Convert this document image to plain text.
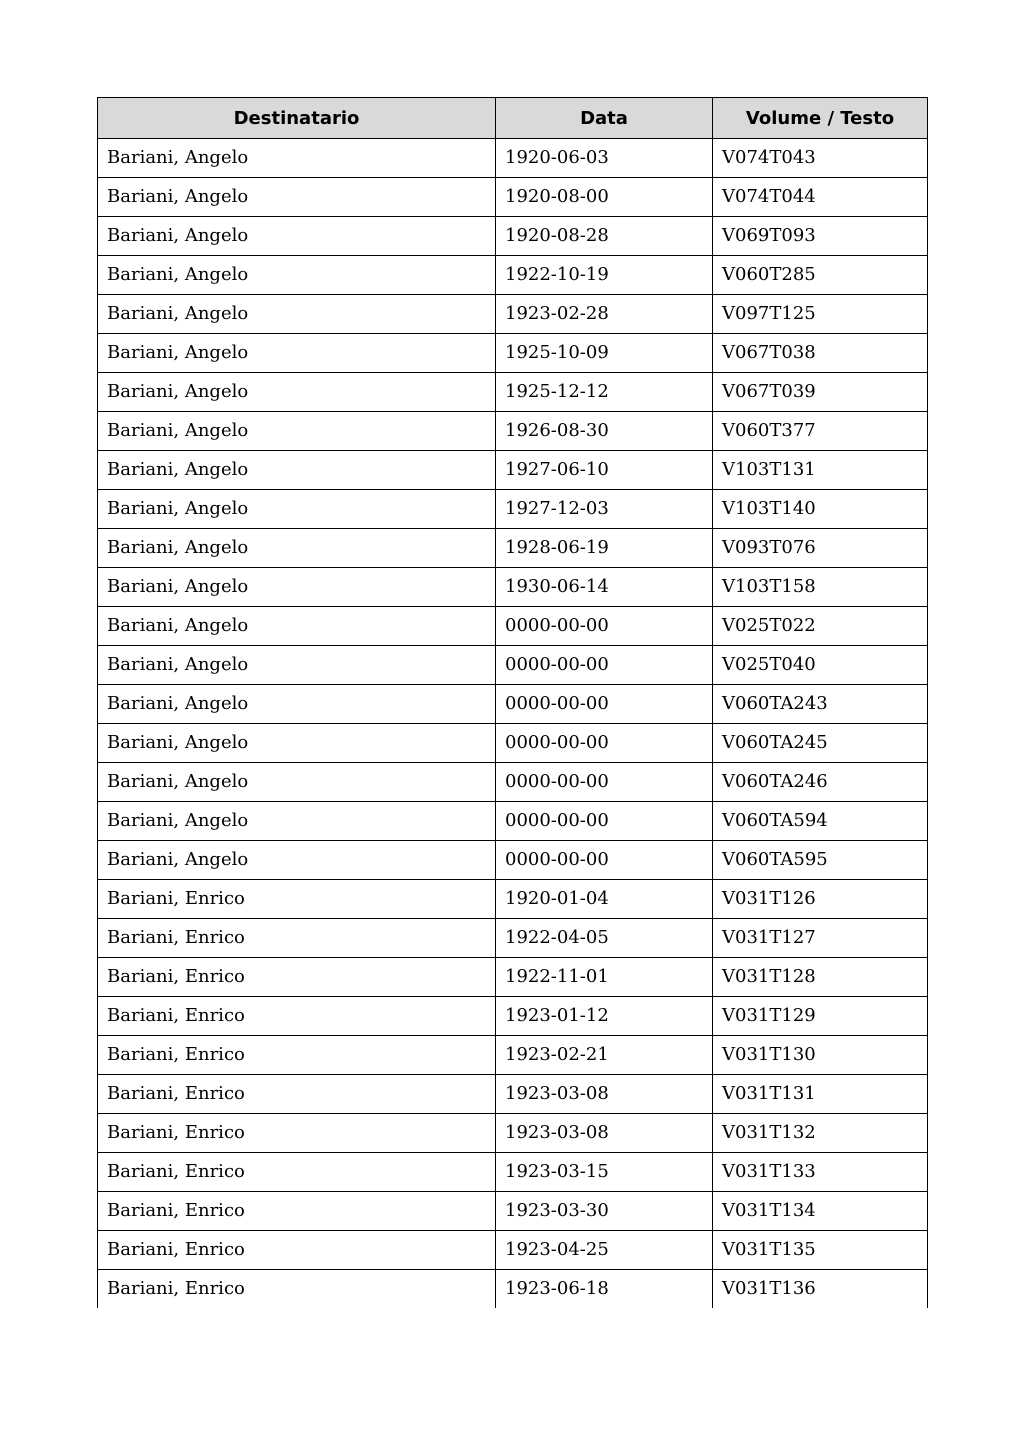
Destinatario	Data	Volume / Testo
Bariani, Angelo	1920-06-03	V074T043
Bariani, Angelo	1920-08-00	V074T044
Bariani, Angelo	1920-08-28	V069T093
Bariani, Angelo	1922-10-19	V060T285
Bariani, Angelo	1923-02-28	V097T125
Bariani, Angelo	1925-10-09	V067T038
Bariani, Angelo	1925-12-12	V067T039
Bariani, Angelo	1926-08-30	V060T377
Bariani, Angelo	1927-06-10	V103T131
Bariani, Angelo	1927-12-03	V103T140
Bariani, Angelo	1928-06-19	V093T076
Bariani, Angelo	1930-06-14	V103T158
Bariani, Angelo	0000-00-00	V025T022
Bariani, Angelo	0000-00-00	V025T040
Bariani, Angelo	0000-00-00	V060TA243
Bariani, Angelo	0000-00-00	V060TA245
Bariani, Angelo	0000-00-00	V060TA246
Bariani, Angelo	0000-00-00	V060TA594
Bariani, Angelo	0000-00-00	V060TA595
Bariani, Enrico	1920-01-04	V031T126
Bariani, Enrico	1922-04-05	V031T127
Bariani, Enrico	1922-11-01	V031T128
Bariani, Enrico	1923-01-12	V031T129
Bariani, Enrico	1923-02-21	V031T130
Bariani, Enrico	1923-03-08	V031T131
Bariani, Enrico	1923-03-08	V031T132
Bariani, Enrico	1923-03-15	V031T133
Bariani, Enrico	1923-03-30	V031T134
Bariani, Enrico	1923-04-25	V031T135
Bariani, Enrico	1923-06-18	V031T136
